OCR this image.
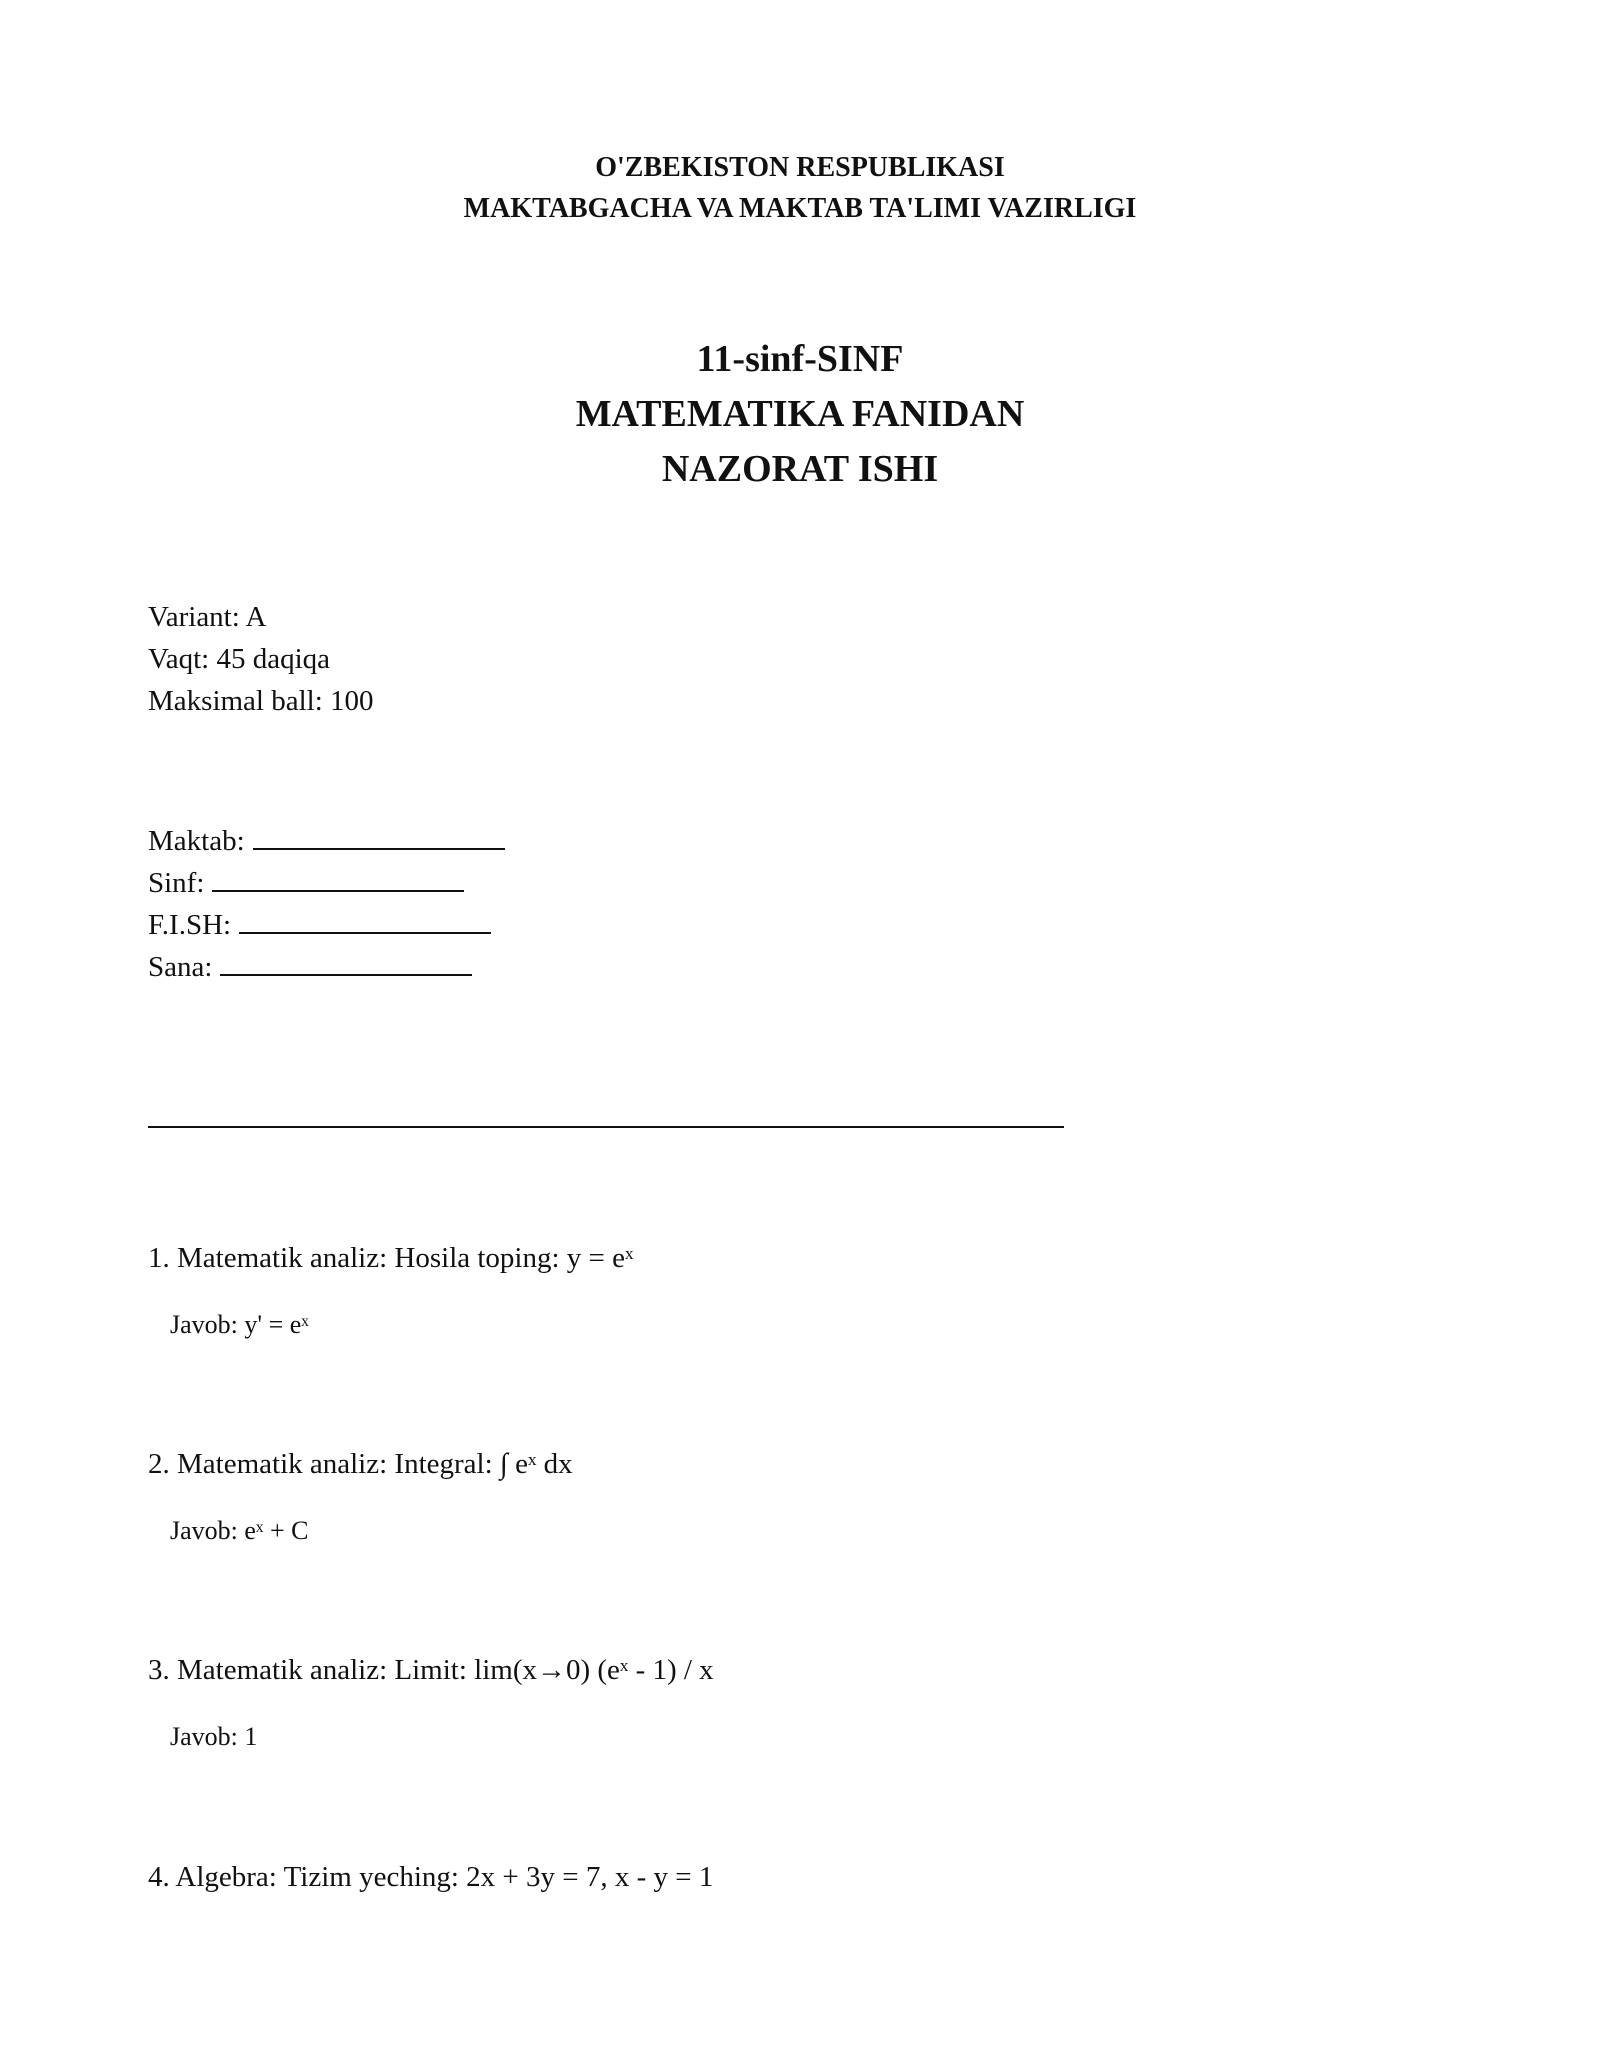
O'ZBEKISTON RESPUBLIKASI
MAKTABGACHA VA MAKTAB TA'LIMI VAZIRLIGI
11-sinf-SINF
MATEMATIKA FANIDAN
NAZORAT ISHI
Variant: A
Vaqt: 45 daqiqa
Maksimal ball: 100
Maktab:
Sinf:
F.I.SH:
Sana:
1. Matematik analiz: Hosila toping: y = eˣ
Javob: y' = eˣ
2. Matematik analiz: Integral: ∫ eˣ dx
Javob: eˣ + C
3. Matematik analiz: Limit: lim(x→0) (eˣ - 1) / x
Javob: 1
4. Algebra: Tizim yeching: 2x + 3y = 7, x - y = 1
